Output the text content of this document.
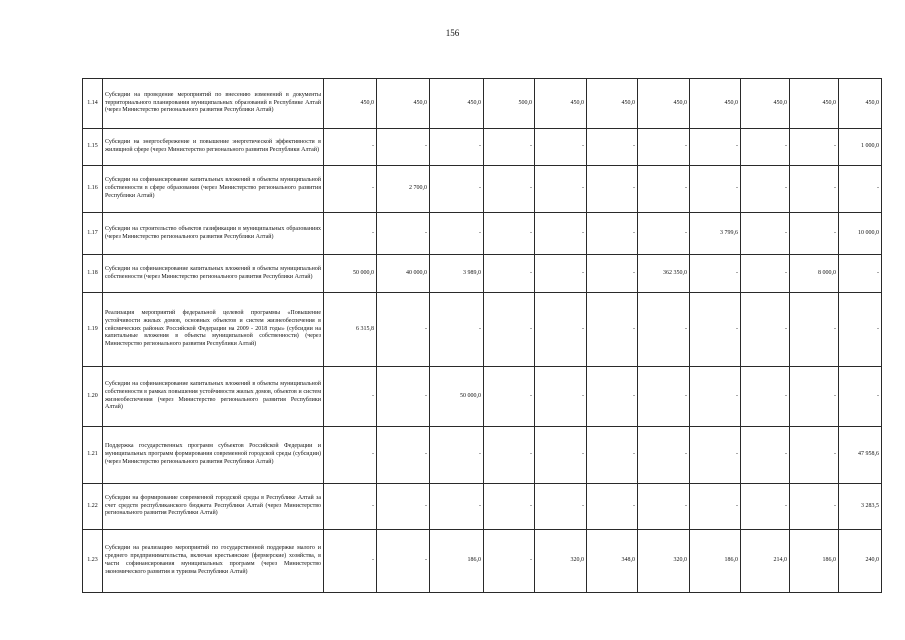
156
1.14	Субсидии на проведение мероприятий по внесению изменений в документы территориального планирования муниципальных образований в Республике Алтай (через Министерство регионального развития Республики Алтай)	450,0	450,0	450,0	500,0	450,0	450,0	450,0	450,0	450,0	450,0	450,0
1.15	Субсидии на энергосбережение и повышение энергетической эффективности в жилищной сфере (через Министерство регионального развития Республики Алтай)	-	-	-	-	-	-	-	-	-	-	1 000,0
1.16	Субсидии на софинансирование капитальных вложений в объекты муниципальной собственности в сфере образования (через Министерство регионального развития Республики Алтай)	-	2 700,0	-	-	-	-	-	-	-	-	-
1.17	Субсидии на строительство объектов газификации в муниципальных образованиях (через Министерство регионального развития Республики Алтай)	-	-	-	-	-	-	-	3 799,6	-	-	10 000,0
1.18	Субсидии на софинансирование капитальных вложений в объекты муниципальной собственности (через Министерство регионального развития Республики Алтай)	50 000,0	40 000,0	3 989,0	-	-	-	362 350,0	-	-	8 000,0	-
1.19	Реализация мероприятий федеральной целевой программы «Повышение устойчивости жилых домов, основных объектов и систем жизнеобеспечения в сейсмических районах Российской Федерации на 2009 - 2018 годы» (субсидии на капитальные вложения в объекты муниципальной собственности) (через Министерство регионального развития Республики Алтай)	6 315,8	-	-	-	-	-	-	-	-	-	-
1.20	Субсидии на софинансирование капитальных вложений в объекты муниципальной собственности в рамках повышения устойчивости жилых домов, объектов и систем жизнеобеспечения (через Министерство регионального развития Республики Алтай)	-	-	50 000,0	-	-	-	-	-	-	-	-
1.21	Поддержка государственных программ субъектов Российской Федерации и муниципальных программ формирования современной городской среды (субсидии) (через Министерство регионального развития Республики Алтай)	-	-	-	-	-	-	-	-	-	-	47 958,6
1.22	Субсидии на формирование современной городской среды в Республике Алтай за счет средств республиканского бюджета Республики Алтай (через Министерство регионального развития Республики Алтай)	-	-	-	-	-	-	-	-	-	-	3 283,5
1.23	Субсидии на реализацию мероприятий по государственной поддержке малого и среднего предпринимательства, включая крестьянские (фермерские) хозяйства, в части софинансирования муниципальных программ (через Министерство экономического развития и туризма Республики Алтай)	-	-	186,0	-	320,0	348,0	320,0	186,0	214,0	186,0	240,0
